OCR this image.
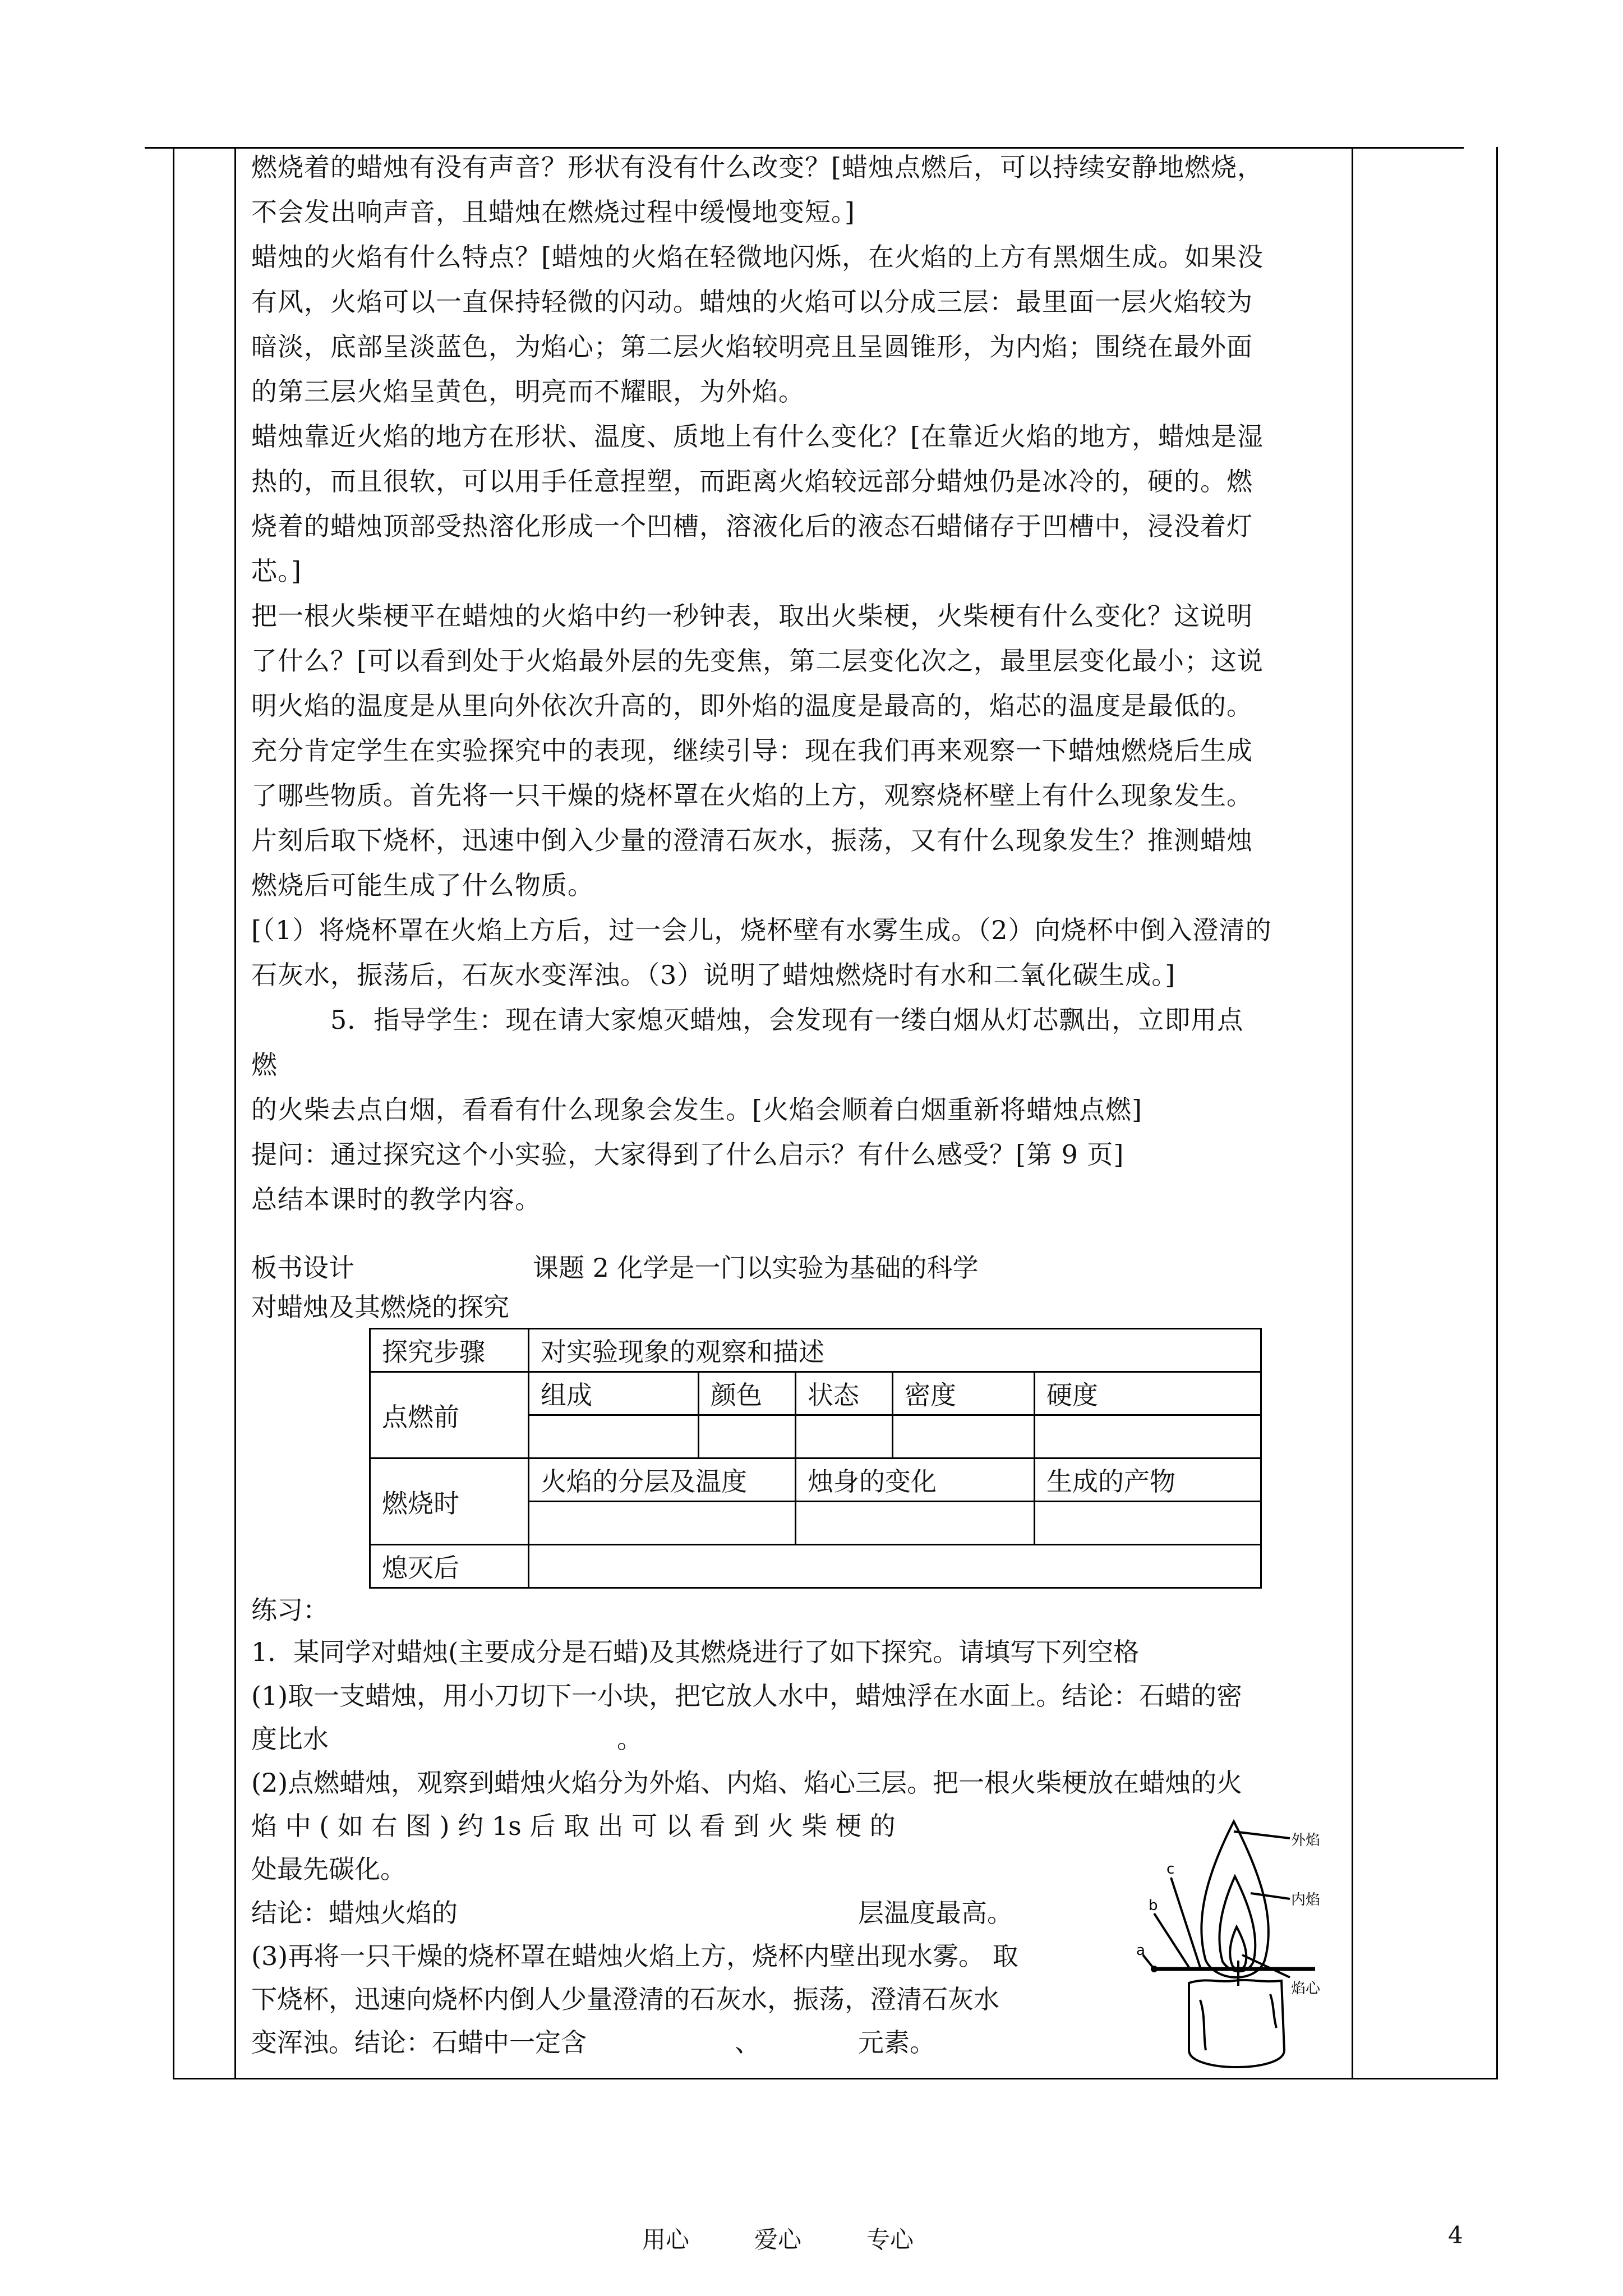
燃烧着的蜡烛有没有声音？形状有没有什么改变？[蜡烛点燃后，可以持续安静地燃烧，
不会发出响声音，且蜡烛在燃烧过程中缓慢地变短。]
蜡烛的火焰有什么特点？[蜡烛的火焰在轻微地闪烁，在火焰的上方有黑烟生成。如果没
有风，火焰可以一直保持轻微的闪动。蜡烛的火焰可以分成三层：最里面一层火焰较为
暗淡，底部呈淡蓝色，为焰心；第二层火焰较明亮且呈圆锥形，为内焰；围绕在最外面
的第三层火焰呈黄色，明亮而不耀眼，为外焰。
蜡烛靠近火焰的地方在形状、温度、质地上有什么变化？[在靠近火焰的地方，蜡烛是湿
热的，而且很软，可以用手任意捏塑，而距离火焰较远部分蜡烛仍是冰冷的，硬的。燃
烧着的蜡烛顶部受热溶化形成一个凹槽，溶液化后的液态石蜡储存于凹槽中，浸没着灯
芯。]
把一根火柴梗平在蜡烛的火焰中约一秒钟表，取出火柴梗，火柴梗有什么变化？这说明
了什么？[可以看到处于火焰最外层的先变焦，第二层变化次之，最里层变化最小；这说
明火焰的温度是从里向外依次升高的，即外焰的温度是最高的，焰芯的温度是最低的。
充分肯定学生在实验探究中的表现，继续引导：现在我们再来观察一下蜡烛燃烧后生成
了哪些物质。首先将一只干燥的烧杯罩在火焰的上方，观察烧杯壁上有什么现象发生。
片刻后取下烧杯，迅速中倒入少量的澄清石灰水，振荡，又有什么现象发生？推测蜡烛
燃烧后可能生成了什么物质。
[（1）将烧杯罩在火焰上方后，过一会儿，烧杯壁有水雾生成。（2）向烧杯中倒入澄清的
石灰水，振荡后，石灰水变浑浊。（3）说明了蜡烛燃烧时有水和二氧化碳生成。]
　　　5．指导学生：现在请大家熄灭蜡烛，会发现有一缕白烟从灯芯飘出，立即用点
燃
的火柴去点白烟，看看有什么现象会发生。[火焰会顺着白烟重新将蜡烛点燃]
提问：通过探究这个小实验，大家得到了什么启示？有什么感受？[第 9 页]
总结本课时的教学内容。
板书设计	课题 2 化学是一门以实验为基础的科学
对蜡烛及其燃烧的探究
探究步骤	对实验现象的观察和描述				
点燃前	组成	颜色	状态	密度	硬度

燃烧时	火焰的分层及温度		烛身的变化		生成的产物

熄灭后					
练习：
1．某同学对蜡烛(主要成分是石蜡)及其燃烧进行了如下探究。请填写下列空格
(1)取一支蜡烛，用小刀切下一小块，把它放人水中，蜡烛浮在水面上。结论：石蜡的密
度比水	。
(2)点燃蜡烛，观察到蜡烛火焰分为外焰、内焰、焰心三层。把一根火柴梗放在蜡烛的火
焰 中 ( 如 右 图 ) 约 1s 后 取 出 可 以 看 到 火 柴 梗 的
处最先碳化。
结论：蜡烛火焰的	层温度最高。
(3)再将一只干燥的烧杯罩在蜡烛火焰上方，烧杯内壁出现水雾。 取
下烧杯，迅速向烧杯内倒人少量澄清的石灰水，振荡，澄清石灰水
变浑浊。结论：石蜡中一定含	、	元素。
外焰
内焰
焰心
c
b
a
用心	爱心	专心	4
